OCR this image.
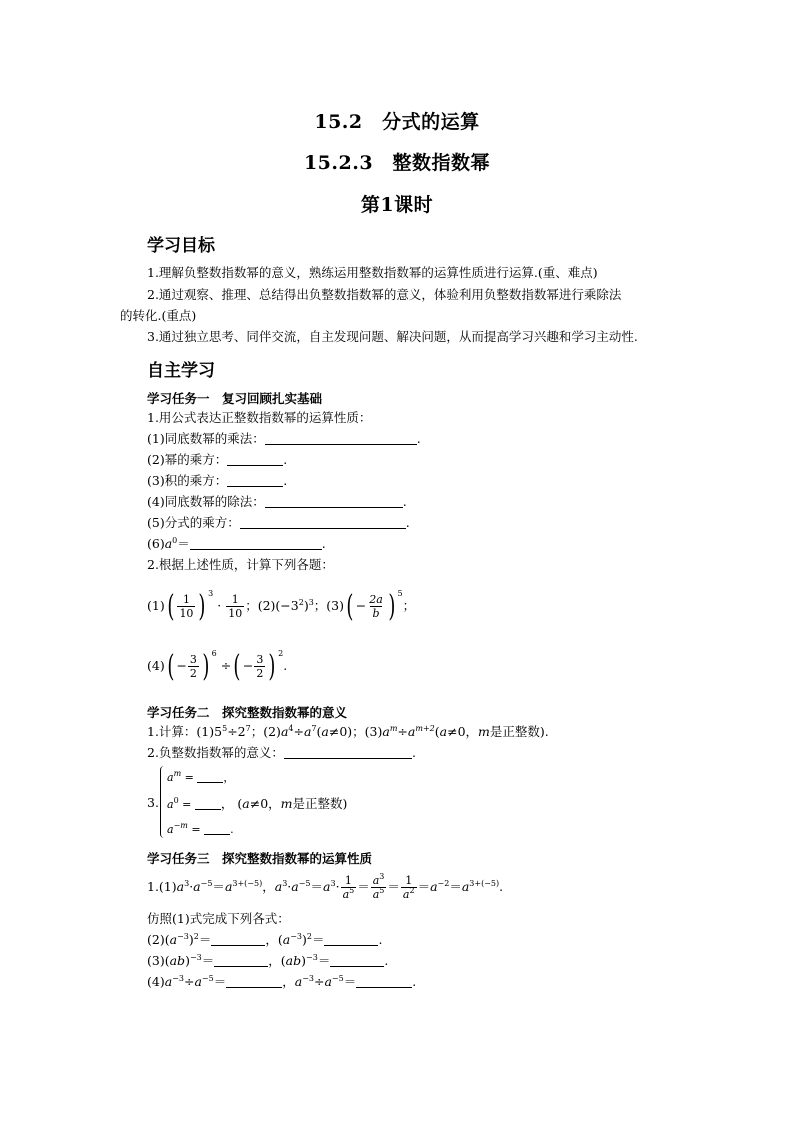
15.2　分式的运算
15.2.3　整数指数幂
第1课时
学习目标
1.理解负整数指数幂的意义，熟练运用整数指数幂的运算性质进行运算.(重、难点)
2.通过观察、推理、总结得出负整数指数幂的意义，体验利用负整数指数幂进行乘除法
的转化.(重点)
3.通过独立思考、同伴交流，自主发现问题、解决问题，从而提高学习兴趣和学习主动性.
自主学习
学习任务一　复习回顾扎实基础
1.用公式表达正整数指数幂的运算性质：
(1)同底数幂的乘法：	.
(2)幂的乘方：	.
(3)积的乘方：	.
(4)同底数幂的除法：	.
(5)分式的乘方：	.
$(6)a^0=$	.
2.根据上述性质，计算下列各题：
$(1)( \frac{1}{10}$ ) $^3 \cdot \frac{1}{10}$ ；$(2)(-3^2)^3$；$(3)( - \frac{2a}{b}$ ) $^5$；
$(4)( - \frac{3}{2}$ ) $^6$ ÷( − $\frac{3}{2}$ ) $^2$.
学习任务二　探究整数指数幂的意义
1.计算：$(1)5^5\div 2^7$；$(2)a^4\div a^7(a\ne 0)$；$(3)a^m\div a^{m+2}(a\ne 0$，m是正整数).
2.负整数指数幂的意义：	.
3.
$a^m$ = ，
$a^0$ = ， (a≠0，m是正整数)
$a^{-m}$ = .
学习任务三　探究整数指数幂的运算性质
$1.(1)a^3\cdot a^{-5}=a^{3+(-5)}$，$a^3\cdot a^{-5}=a^3\cdot \frac{1}{a^5} = \frac{a^3}{a^5} = \frac{1}{a^2} =a^{-2}=a^{3+(-5)}$.
仿照(1)式完成下列各式：
$(2)(a^{-3})^2=$	，$(a^{-3})^2=$	.
(3)(ab)$^{-3}$＝	，(ab)$^{-3}$＝	.
$(4)a^{-3}\div a^{-5}=$	，$a^{-3}\div a^{-5}=$	.
